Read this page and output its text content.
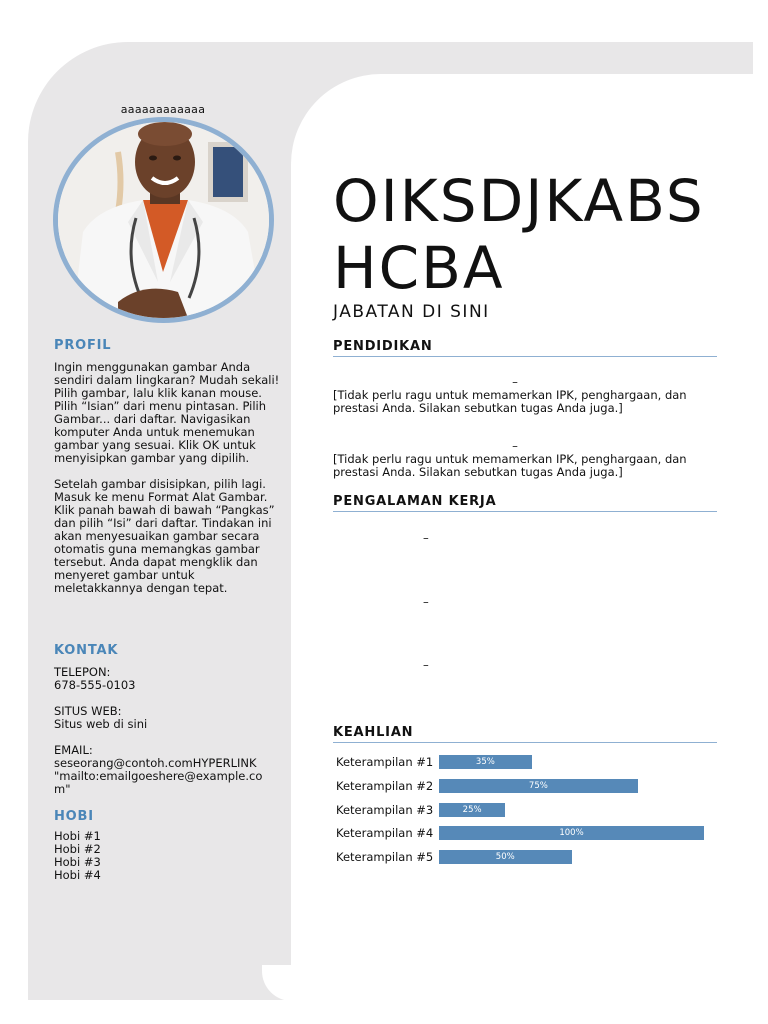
aaaaaaaaaaaa
PROFIL

Ingin menggunakan gambar Anda sendiri dalam lingkaran? Mudah sekali! Pilih gambar, lalu klik kanan mouse. Pilih “Isian” dari menu pintasan. Pilih Gambar... dari daftar. Navigasikan komputer Anda untuk menemukan gambar yang sesuai. Klik OK untuk menyisipkan gambar yang dipilih.

Setelah gambar disisipkan, pilih lagi. Masuk ke menu Format Alat Gambar. Klik panah bawah di bawah “Pangkas” dan pilih “Isi” dari daftar. Tindakan ini akan menyesuaikan gambar secara otomatis guna memangkas gambar tersebut. Anda dapat mengklik dan menyeret gambar untuk meletakkannya dengan tepat.

KONTAK
TELEPON:
678-555-0103
SITUS WEB:
Situs web di sini
EMAIL:
seseorang@contoh.comHYPERLINK
"mailto:emailgoeshere@example.co
m"
HOBI
Hobi #1
Hobi #2
Hobi #3
Hobi #4
OIKSDJKABS
HCBA
JABATAN DI SINI
PENDIDIKAN
–
[Tidak perlu ragu untuk memamerkan IPK, penghargaan, dan
prestasi Anda. Silakan sebutkan tugas Anda juga.]
–
[Tidak perlu ragu untuk memamerkan IPK, penghargaan, dan
prestasi Anda. Silakan sebutkan tugas Anda juga.]
PENGALAMAN KERJA
–
–
–
KEAHLIAN
Keterampilan #1	35%
Keterampilan #2	75%
Keterampilan #3	25%
Keterampilan #4	100%
Keterampilan #5	50%
